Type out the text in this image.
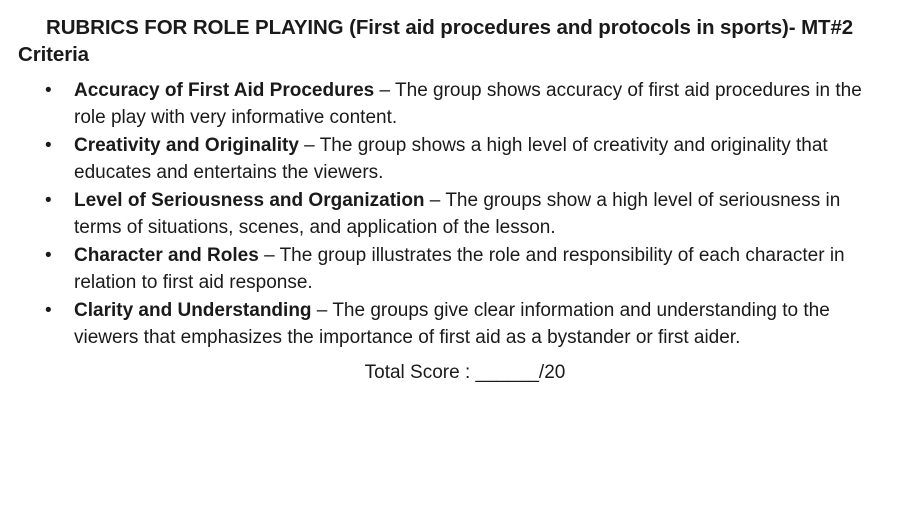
RUBRICS FOR ROLE PLAYING (First aid procedures and protocols in sports)- MT#2
Criteria
• Accuracy of First Aid Procedures – The group shows accuracy of first aid procedures in the role play with very informative content.
• Creativity and Originality – The group shows a high level of creativity and originality that educates and entertains the viewers.
• Level of Seriousness and Organization – The groups show a high level of seriousness in terms of situations, scenes, and application of the lesson.
• Character and Roles – The group illustrates the role and responsibility of each character in relation to first aid response.
• Clarity and Understanding – The groups give clear information and understanding to the viewers that emphasizes the importance of first aid as a bystander or first aider.
Total Score : ______/20
